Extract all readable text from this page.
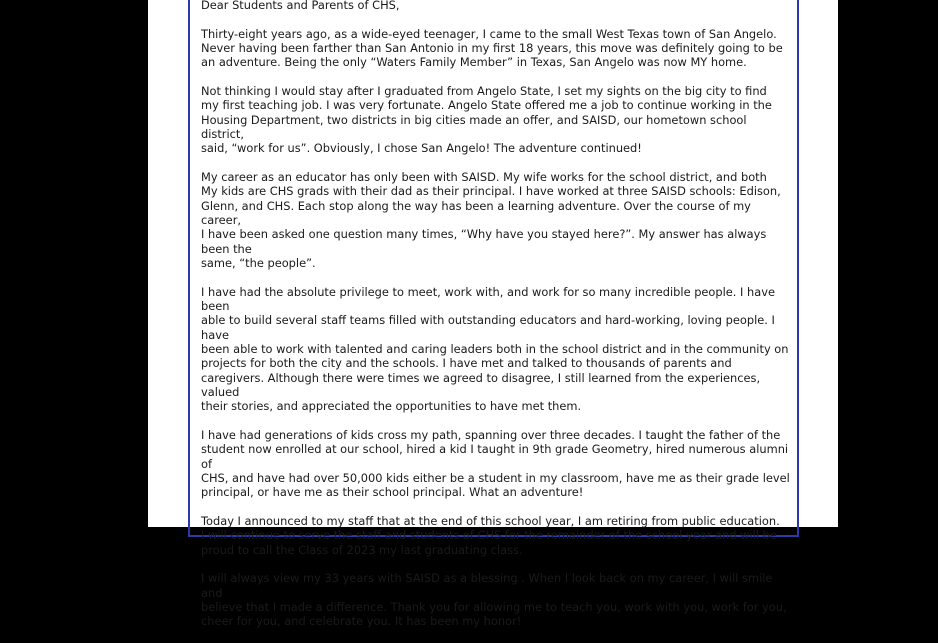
Dear Students and Parents of CHS,

Thirty-eight years ago, as a wide-eyed teenager, I came to the small West Texas town of San Angelo.
Never having been farther than San Antonio in my first 18 years, this move was definitely going to be
an adventure. Being the only “Waters Family Member” in Texas, San Angelo was now MY home.

Not thinking I would stay after I graduated from Angelo State, I set my sights on the big city to find
my first teaching job. I was very fortunate. Angelo State offered me a job to continue working in the
Housing Department, two districts in big cities made an offer, and SAISD, our hometown school district,
said, “work for us”. Obviously, I chose San Angelo! The adventure continued!

My career as an educator has only been with SAISD. My wife works for the school district, and both
My kids are CHS grads with their dad as their principal. I have worked at three SAISD schools: Edison,
Glenn, and CHS. Each stop along the way has been a learning adventure. Over the course of my career,
I have been asked one question many times, “Why have you stayed here?”. My answer has always been the
same, “the people”.

I have had the absolute privilege to meet, work with, and work for so many incredible people. I have been
able to build several staff teams filled with outstanding educators and hard-working, loving people. I have
been able to work with talented and caring leaders both in the school district and in the community on
projects for both the city and the schools. I have met and talked to thousands of parents and
caregivers. Although there were times we agreed to disagree, I still learned from the experiences, valued
their stories, and appreciated the opportunities to have met them.

I have had generations of kids cross my path, spanning over three decades. I taught the father of the
student now enrolled at our school, hired a kid I taught in 9th grade Geometry, hired numerous alumni of
CHS, and have had over 50,000 kids either be a student in my classroom, have me as their grade level
principal, or have me as their school principal. What an adventure!

Today I announced to my staff that at the end of this school year, I am retiring from public education.
I will continue to serve the staff and students of CHS for the remainder of the school year and will be
proud to call the Class of 2023 my last graduating class.

I will always view my 33 years with SAISD as a blessing . When I look back on my career, I will smile and
believe that I made a difference. Thank you for allowing me to teach you, work with you, work for you,
cheer for you, and celebrate you. It has been my honor!
